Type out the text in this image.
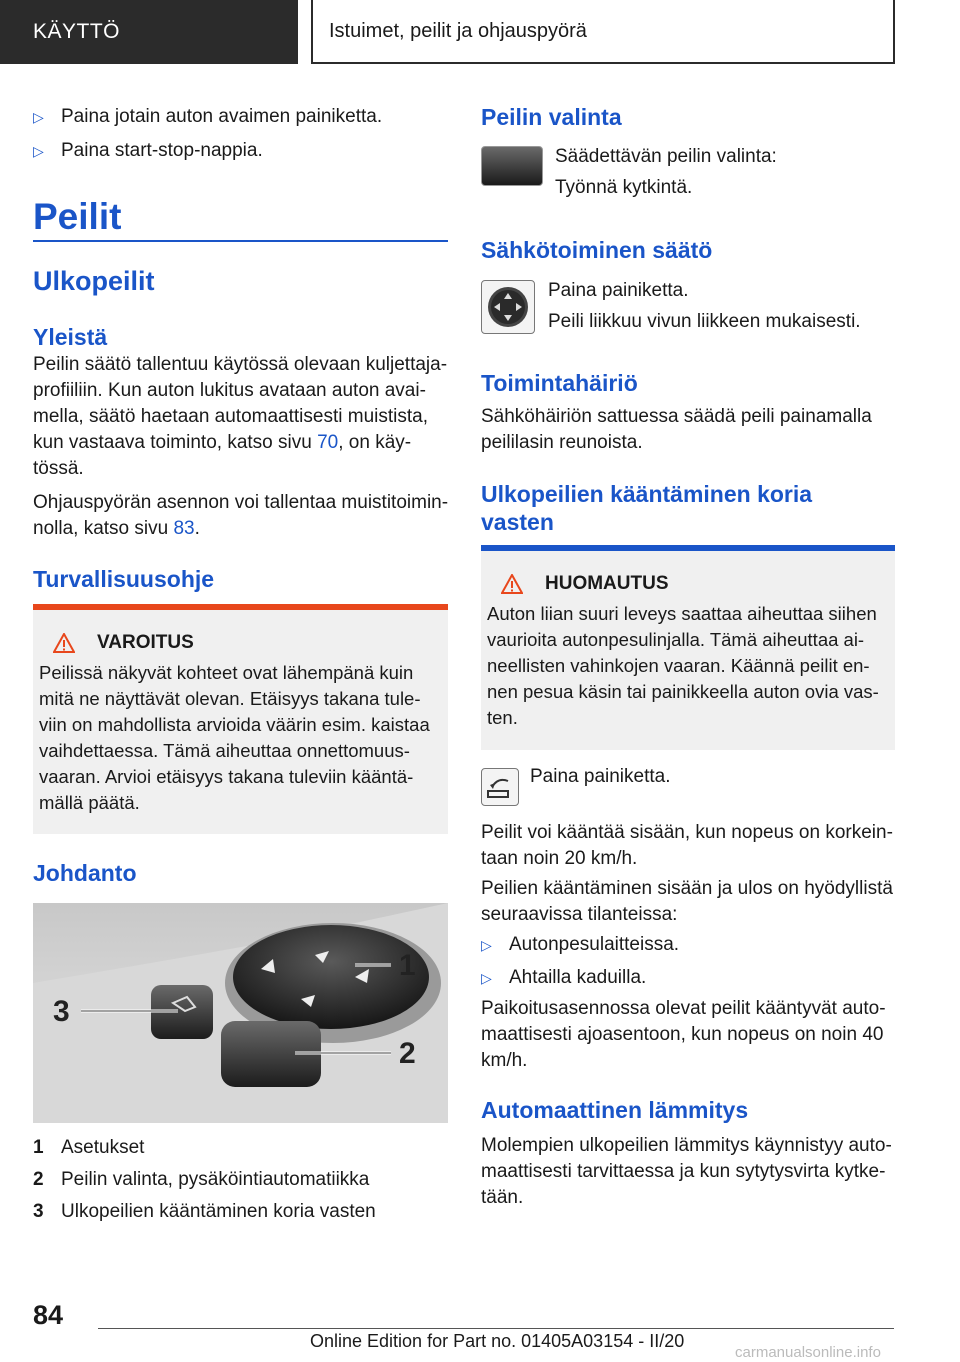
KÄYTTÖ	Istuimet, peilit ja ohjauspyörä
▷ Paina jotain auton avaimen painiketta.
▷ Paina start-stop-nappia.
Peilit
Ulkopeilit
Yleistä
Peilin säätö tallentuu käytössä olevaan kuljettaja-profiiliin. Kun auton lukitus avataan auton avai-mella, säätö haetaan automaattisesti muistista, kun vastaava toiminto, katso sivu 70, on käy-tössä.
Ohjauspyörän asennon voi tallentaa muistitoimin-nolla, katso sivu 83.
Turvallisuusohje
VAROITUS
Peilissä näkyvät kohteet ovat lähempänä kuin mitä ne näyttävät olevan. Etäisyys takana tule-viin on mahdollista arvioida väärin esim. kaistaa vaihdettaessa. Tämä aiheuttaa onnettomuus-vaaran. Arvioi etäisyys takana tuleviin kääntä-mällä päätä.
Johdanto
1
2
3
1 Asetukset
2 Peilin valinta, pysäköintiautomatiikka
3 Ulkopeilien kääntäminen koria vasten
Peilin valinta
Säädettävän peilin valinta:
Työnnä kytkintä.
Sähkötoiminen säätö
Paina painiketta.
Peili liikkuu vivun liikkeen mukaisesti.
Toimintahäiriö
Sähköhäiriön sattuessa säädä peili painamalla peililasin reunoista.
Ulkopeilien kääntäminen koria vasten
HUOMAUTUS
Auton liian suuri leveys saattaa aiheuttaa siihen vaurioita autonpesulinjalla. Tämä aiheuttaa ai-neellisten vahinkojen vaaran. Käännä peilit en-nen pesua käsin tai painikkeella auton ovia vas-ten.
Paina painiketta.
Peilit voi kääntää sisään, kun nopeus on korkein-taan noin 20 km/h.
Peilien kääntäminen sisään ja ulos on hyödyllistä seuraavissa tilanteissa:
▷ Autonpesulaitteissa.
▷ Ahtailla kaduilla.
Paikoitusasennossa olevat peilit kääntyvät auto-maattisesti ajoasentoon, kun nopeus on noin 40 km/h.
Automaattinen lämmitys
Molempien ulkopeilien lämmitys käynnistyy auto-maattisesti tarvittaessa ja kun sytytysvirta kytke-tään.
84
Online Edition for Part no. 01405A03154 - II/20
carmanualsonline.info
